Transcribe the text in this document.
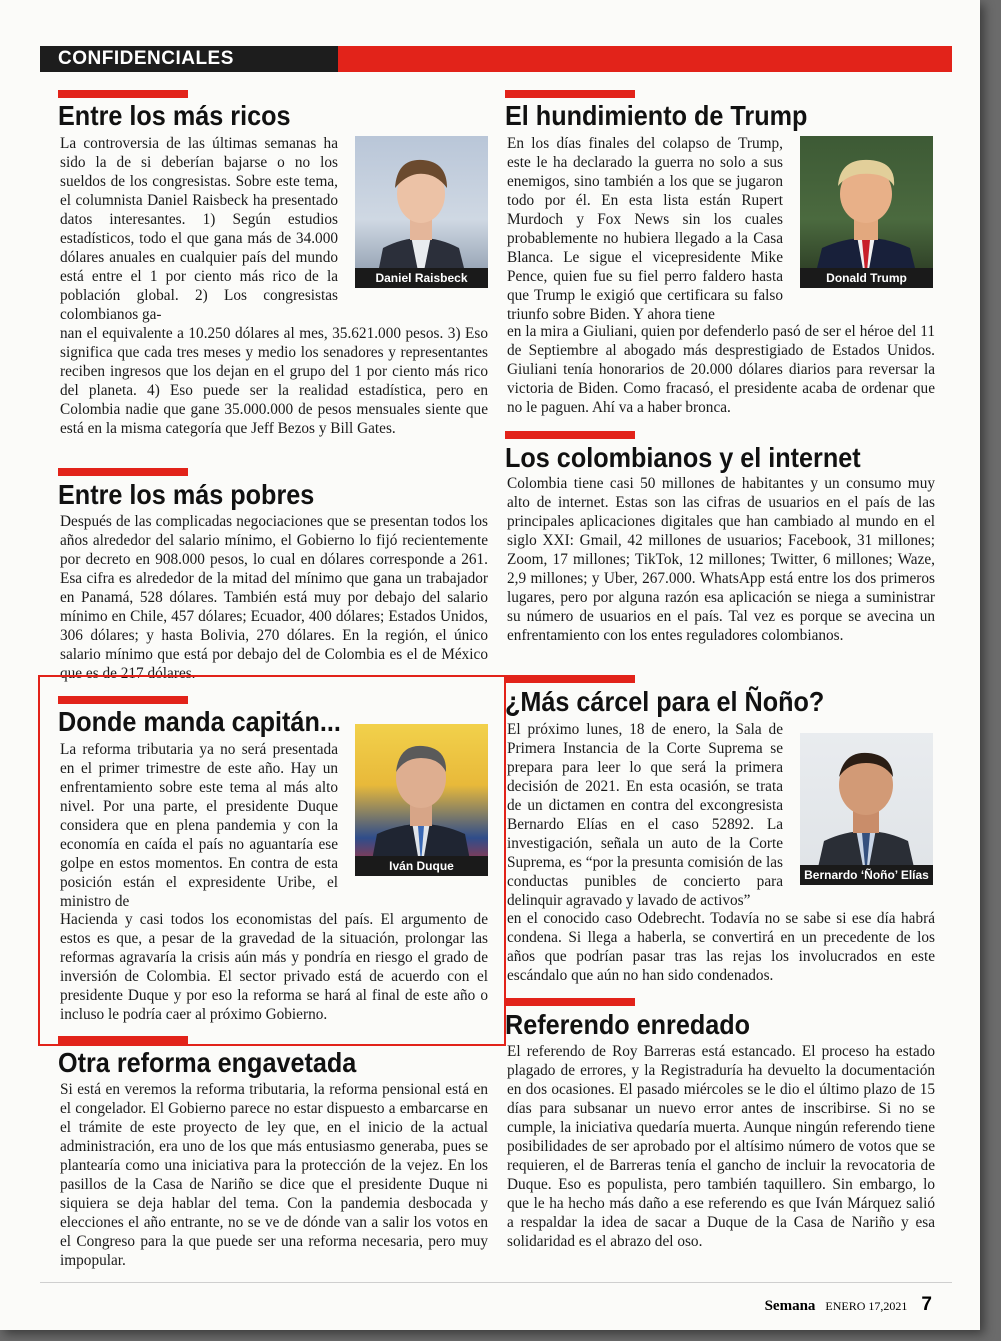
CONFIDENCIALES
Entre los más ricos
Daniel Raisbeck

La controversia de las últimas semanas ha sido la de si deberían bajarse o no los sueldos de los congresistas. Sobre este tema, el columnista Daniel Raisbeck ha presentado datos interesantes. 1) Según estudios estadísticos, todo el que gana más de 34.000 dólares anuales en cualquier país del mundo está entre el 1 por ciento más rico de la población global. 2) Los congresistas colombianos ga-

nan el equivalente a 10.250 dólares al mes, 35.621.000 pesos. 3) Eso significa que cada tres meses y medio los senadores y representantes reciben ingresos que los dejan en el grupo del 1 por ciento más rico del planeta. 4) Eso puede ser la realidad estadística, pero en Colombia nadie que gane 35.000.000 de pesos mensuales siente que está en la misma categoría que Jeff Bezos y Bill Gates.

Entre los más pobres

Después de las complicadas negociaciones que se presentan todos los años alrededor del salario mínimo, el Gobierno lo fijó recientemente por decreto en 908.000 pesos, lo cual en dólares corresponde a 261. Esa cifra es alrededor de la mitad del mínimo que gana un trabajador en Panamá, 528 dólares. También está muy por debajo del salario mínimo en Chile, 457 dólares; Ecuador, 400 dólares; Estados Unidos, 306 dólares; y hasta Bolivia, 270 dólares. En la región, el único salario mínimo que está por debajo del de Colombia es el de México que es de 217 dólares.

Donde manda capitán...
Iván Duque

La reforma tributaria ya no será presentada en el primer trimestre de este año. Hay un enfrentamiento sobre este tema al más alto nivel. Por una parte, el presidente Duque considera que en plena pandemia y con la economía en caída el país no aguantaría ese golpe en estos momentos. En contra de esta posición están el expresidente Uribe, el ministro de

Hacienda y casi todos los economistas del país. El argumento de estos es que, a pesar de la gravedad de la situación, prolongar las reformas agravaría la crisis aún más y pondría en riesgo el grado de inversión de Colombia. El sector privado está de acuerdo con el presidente Duque y por eso la reforma se hará al final de este año o incluso le podría caer al próximo Gobierno.

Otra reforma engavetada

Si está en veremos la reforma tributaria, la reforma pensional está en el congelador. El Gobierno parece no estar dispuesto a embarcarse en el trámite de este proyecto de ley que, en el inicio de la actual administración, era uno de los que más entusiasmo generaba, pues se plantearía como una iniciativa para la protección de la vejez. En los pasillos de la Casa de Nariño se dice que el presidente Duque ni siquiera se deja hablar del tema. Con la pandemia desbocada y elecciones el año entrante, no se ve de dónde van a salir los votos en el Congreso para la que puede ser una reforma necesaria, pero muy impopular.

El hundimiento de Trump
Donald Trump

En los días finales del colapso de Trump, este le ha declarado la guerra no solo a sus enemigos, sino también a los que se jugaron todo por él. En esta lista están Rupert Murdoch y Fox News sin los cuales probablemente no hubiera llegado a la Casa Blanca. Le sigue el vicepresidente Mike Pence, quien fue su fiel perro faldero hasta que Trump le exigió que certificara su falso triunfo sobre Biden. Y ahora tiene

en la mira a Giuliani, quien por defenderlo pasó de ser el héroe del 11 de Septiembre al abogado más desprestigiado de Estados Unidos. Giuliani tenía honorarios de 20.000 dólares diarios para reversar la victoria de Biden. Como fracasó, el presidente acaba de ordenar que no le paguen. Ahí va a haber bronca.

Los colombianos y el internet

Colombia tiene casi 50 millones de habitantes y un consumo muy alto de internet. Estas son las cifras de usuarios en el país de las principales aplicaciones digitales que han cambiado al mundo en el siglo XXI: Gmail, 42 millones de usuarios; Facebook, 31 millones; Zoom, 17 millones; TikTok, 12 millones; Twitter, 6 millones; Waze, 2,9 millones; y Uber, 267.000. WhatsApp está entre los dos primeros lugares, pero por alguna razón esa aplicación se niega a suministrar su número de usuarios en el país. Tal vez es porque se avecina un enfrentamiento con los entes reguladores colombianos.

¿Más cárcel para el Ñoño?
Bernardo ‘Ñoño’ Elías

El próximo lunes, 18 de enero, la Sala de Primera Instancia de la Corte Suprema se prepara para leer lo que será la primera decisión de 2021. En esta ocasión, se trata de un dictamen en contra del excongresista Bernardo Elías en el caso 52892. La investigación, señala un auto de la Corte Suprema, es “por la presunta comisión de las conductas punibles de concierto para delinquir agravado y lavado de activos”

en el conocido caso Odebrecht. Todavía no se sabe si ese día habrá condena. Si llega a haberla, se convertirá en un precedente de los años que podrían pasar tras las rejas los involucrados en este escándalo que aún no han sido condenados.

Referendo enredado

El referendo de Roy Barreras está estancado. El proceso ha estado plagado de errores, y la Registraduría ha devuelto la documentación en dos ocasiones. El pasado miércoles se le dio el último plazo de 15 días para subsanar un nuevo error antes de inscribirse. Si no se cumple, la iniciativa quedaría muerta. Aunque ningún referendo tiene posibilidades de ser aprobado por el altísimo número de votos que se requieren, el de Barreras tenía el gancho de incluir la revocatoria de Duque. Eso es populista, pero también taquillero. Sin embargo, lo que le ha hecho más daño a ese referendo es que Iván Márquez salió a respaldar la idea de sacar a Duque de la Casa de Nariño y esa solidaridad es el abrazo del oso.

Semana ENERO 17,2021 7
